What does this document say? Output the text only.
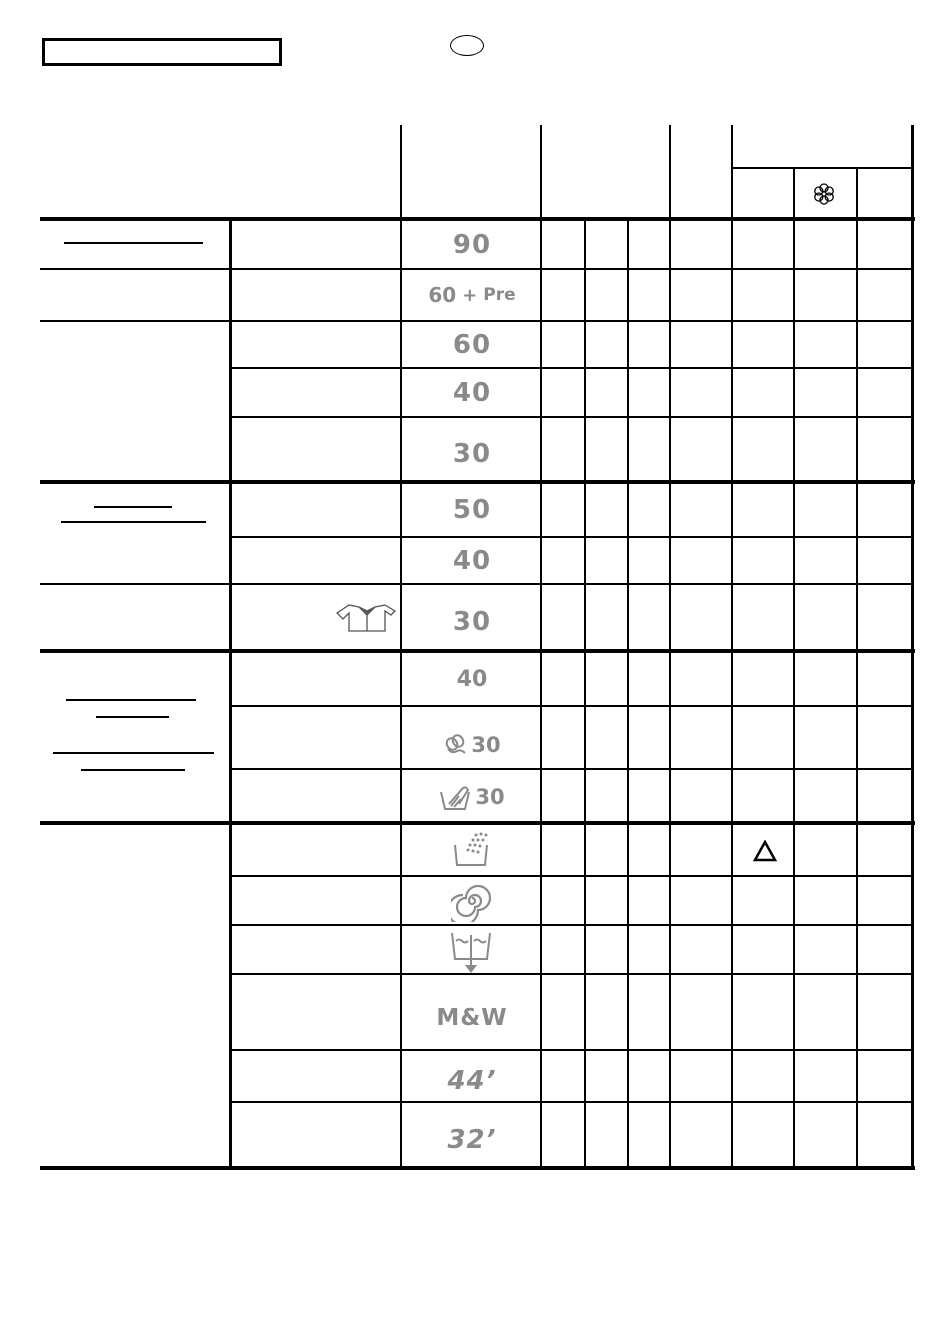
90
60 + Pre
60
40
30
50
40
30
40
30
30
M&W
44’
32’
